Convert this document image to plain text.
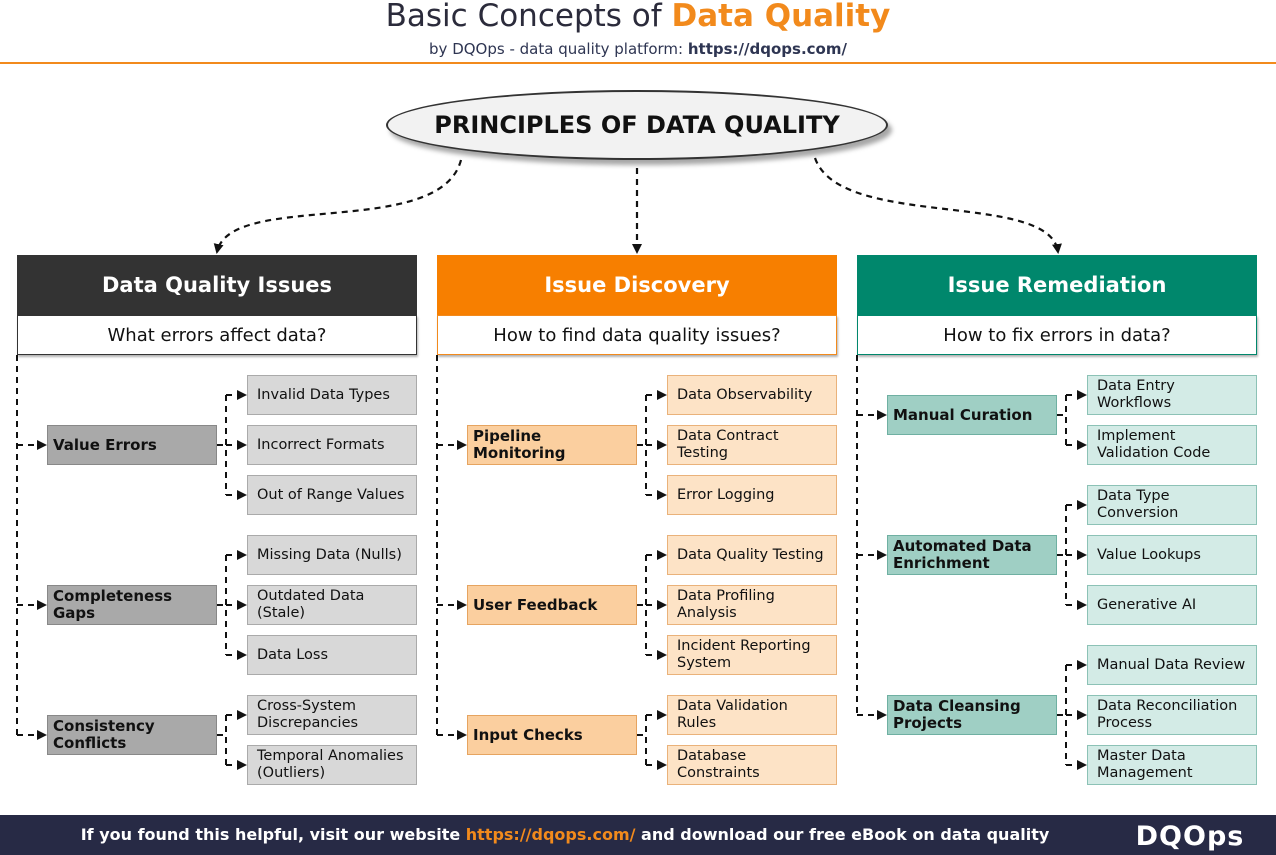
Basic Concepts of Data Quality
by DQOps - data quality platform: https://dqops.com/
PRINCIPLES OF DATA QUALITY
Data Quality Issues
What errors affect data?
Value Errors
Invalid Data Types
Incorrect Formats
Out of Range Values
Completeness Gaps
Missing Data (Nulls)
Outdated Data (Stale)
Data Loss
Consistency Conflicts
Cross-System Discrepancies
Temporal Anomalies (Outliers)
Issue Discovery
How to find data quality issues?
Pipeline Monitoring
Data Observability
Data Contract Testing
Error Logging
User Feedback
Data Quality Testing
Data Profiling Analysis
Incident Reporting System
Input Checks
Data Validation Rules
Database Constraints
Issue Remediation
How to fix errors in data?
Manual Curation
Data Entry Workflows
Implement Validation Code
Automated Data Enrichment
Data Type Conversion
Value Lookups
Generative AI
Data Cleansing Projects
Manual Data Review
Data Reconciliation Process
Master Data Management
If you found this helpful, visit our website https://dqops.com/ and download our free eBook on data quality	DQOps
